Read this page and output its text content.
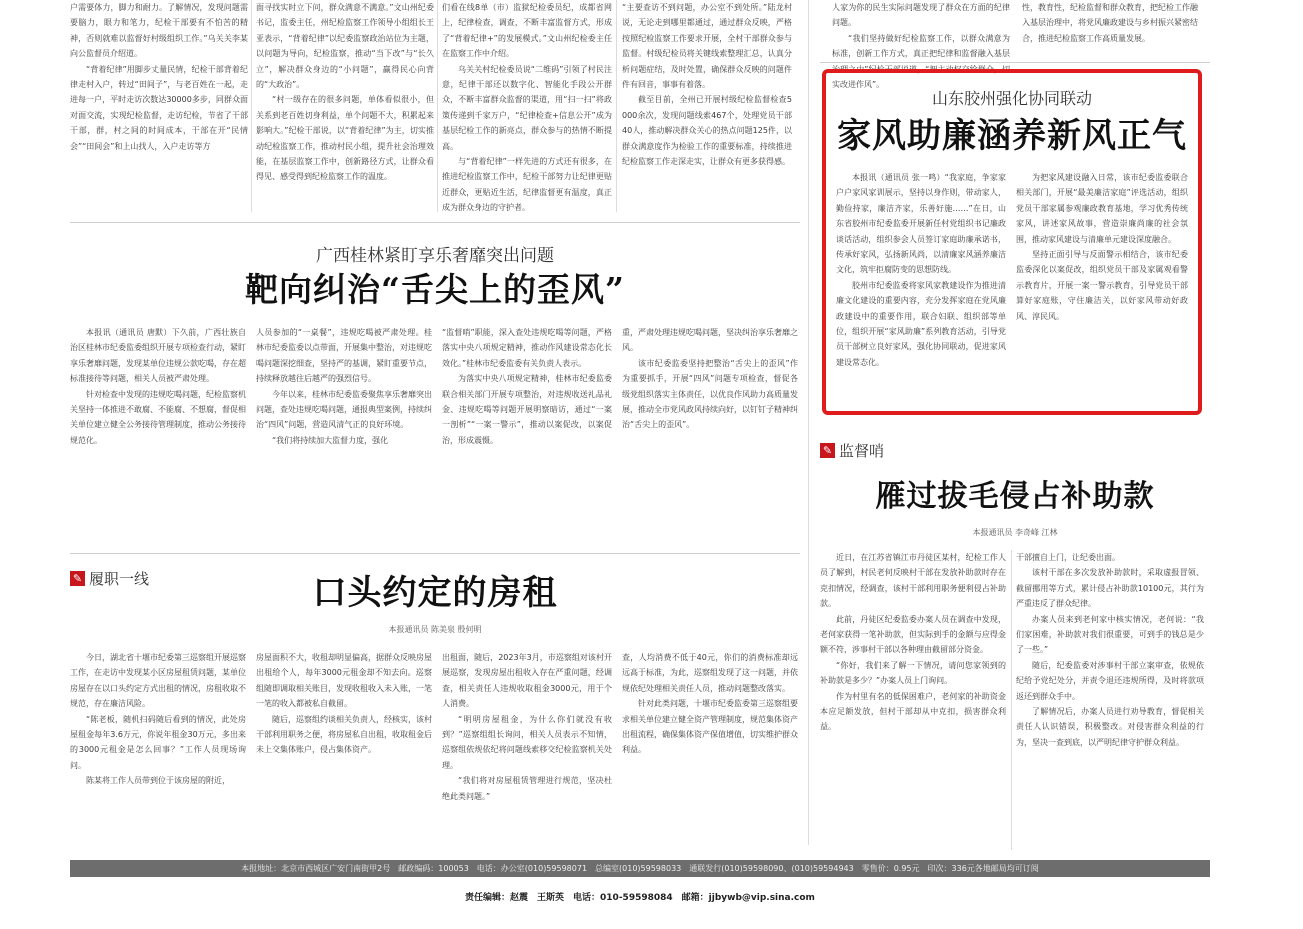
户需要体力，脚力和耐力。了解情况，发现问题需要脑力，眼力和笔力，纪检干部要有不怕苦的精神，否则就难以监督好村级组织工作。”乌关关李某向公监督员介绍道。

“背着纪律”用脚步丈量民情，纪检干部背着纪律走村入户，转过“田间子”，与老百姓在一起，走进每一户，平时走访次数达30000多步，同群众面对面交流，实现纪检监督，走访纪检，节省了干部干部，群，村之间的时间成本，干部在开“民情会”“田间会”和上山找人，入户走访等方

面寻找实时立下问，群众满意不满意。”文山州纪委书记，监委主任，州纪检监察工作领导小组组长王亚表示，“背着纪律”以纪委监察政治站位为主题，以问题为导向，纪检监察，推动“当下改”与“长久立”，解决群众身边的“小问题”，赢得民心向背的“大政治”。

“村一级存在的很多问题，单体看似很小，但关系到老百姓切身利益，单个问题不大，积累起来影响大。”纪检干部说，以“背着纪律”为主，切实推动纪检监察工作，推动村民小组，提升社会治理效能，在基层监察工作中，创新路径方式，让群众看得见、感受得到纪检监察工作的温度。

们看在线8单（市）监狱纪检委员纪，成都省网上，纪律检查，调查，不断丰富监督方式，形成了“背着纪律+”的发展模式。”文山州纪检委主任在监察工作中介绍。

乌关关村纪检委员说“二维码”引领了村民注意，纪律干部还以数字化、智能化手段公开群众，不断丰富群众监督的渠道，用“扫一扫”将政策传递到千家万户，“纪律检查+信息公开”成为基层纪检工作的新亮点，群众参与的热情不断提高。

与“背着纪律”一样先进的方式还有很多，在推进纪检监察工作中，纪检干部努力让纪律更贴近群众，更贴近生活，纪律监督更有温度，真正成为群众身边的守护者。

“主要查访不到问题，办公室不到处所。”陆龙村说，无论走到哪里都通过，通过群众反映，严格按照纪检监察工作要求开展，全村干部群众参与监督。村级纪检员将关键线索整理汇总，认真分析问题症结，及时处置，确保群众反映的问题件件有回音，事事有着落。

截至目前，全州已开展村级纪检监督检查5000余次，发现问题线索467个，处理党员干部40人，推动解决群众关心的热点问题125件，以群众满意度作为检验工作的重要标准，持续推进纪检监察工作走深走实，让群众有更多获得感。

人家为你的民生实际问题发现了群众在方面的纪律问题。

“我们坚持做好纪检监察工作，以群众满意为标准，创新工作方式，真正把纪律和监督融入基层治理之中”纪检干部说道，“把主动权交给群众，切实改进作风”。

性，教育性，纪检监督和群众教育，把纪检工作融入基层治理中，将党风廉政建设与乡村振兴紧密结合，推进纪检监察工作高质量发展。

山东胶州强化协同联动
家风助廉涵养新风正气

本报讯（通讯员 张一鸣）“我家庭，争家家户户家风家训展示，坚持以身作则，带动家人，勤俭持家，廉洁齐家，乐善好施……”在日，山东省胶州市纪委监委开展新任村党组织书记廉政谈话活动，组织参会人员签订家庭助廉承诺书，传承好家风，弘扬新风尚，以清廉家风涵养廉洁文化，筑牢拒腐防变的思想防线。

胶州市纪委监委将家风家教建设作为推进清廉文化建设的重要内容，充分发挥家庭在党风廉政建设中的重要作用，联合妇联、组织部等单位，组织开展“家风助廉”系列教育活动，引导党员干部树立良好家风，强化协同联动，促进家风建设常态化。

为把家风建设融入日常，该市纪委监委联合相关部门，开展“最美廉洁家庭”评选活动，组织党员干部家属参观廉政教育基地，学习优秀传统家风，讲述家风故事，营造崇廉尚廉的社会氛围，推动家风建设与清廉单元建设深度融合。

坚持正面引导与反面警示相结合，该市纪委监委深化以案促改，组织党员干部及家属观看警示教育片，开展一案一警示教育，引导党员干部算好家庭账，守住廉洁关，以好家风带动好政风、淳民风。

广西桂林紧盯享乐奢靡突出问题
靶向纠治“舌尖上的歪风”

本报讯（通讯员 唐默）下久前，广西壮族自治区桂林市纪委监委组织开展专项检查行动，紧盯享乐奢靡问题，发现某单位违规公款吃喝，存在超标准接待等问题，相关人员被严肃处理。

针对检查中发现的违规吃喝问题，纪检监察机关坚持一体推进不敢腐、不能腐、不想腐，督促相关单位建立健全公务接待管理制度，推动公务接待规范化。

人员参加的“一桌餐”，违规吃喝被严肃处理。桂林市纪委监委以点带面，开展集中整治，对违规吃喝问题深挖细查，坚持严的基调，紧盯重要节点，持续释放越往后越严的强烈信号。

今年以来，桂林市纪委监委聚焦享乐奢靡突出问题，查处违规吃喝问题，通报典型案例，持续纠治“四风”问题，营造风清气正的良好环境。

“我们将持续加大监督力度，强化

“监督哨”职能，深入查处违规吃喝等问题，严格落实中央八项规定精神，推动作风建设常态化长效化。”桂林市纪委监委有关负责人表示。

为落实中央八项规定精神，桂林市纪委监委联合相关部门开展专项整治，对违规收送礼品礼金、违规吃喝等问题开展明察暗访，通过“一案一剖析”“一案一警示”，推动以案促改，以案促治，形成震慑。

重，严肃处理违规吃喝问题，坚决纠治享乐奢靡之风。

该市纪委监委坚持把整治“舌尖上的歪风”作为重要抓手，开展“四风”问题专项检查，督促各级党组织落实主体责任，以优良作风助力高质量发展，推动全市党风政风持续向好，以钉钉子精神纠治“舌尖上的歪风”。

✎ 履职一线	口头约定的房租
本报通讯员 陈美泉 殷何明

今日，湖北省十堰市纪委第三巡察组开展巡察工作，在走访中发现某小区房屋租赁问题，某单位房屋存在以口头约定方式出租的情况，房租收取不规范，存在廉洁风险。

“陈老板，随机扫码随后看到的情况，此处房屋租金每年3.6万元，你说年租金30万元，多出来的3000元租金是怎么回事？”工作人员现场询问。

陈某将工作人员带到位于该房屋的附近，

房屋面积不大，收租却明显偏高，据群众反映房屋出租给个人，每年3000元租金却不知去向。巡察组随即调取相关账目，发现收租收入未入账，一笔一笔的收入都被私自截留。

随后，巡察组约谈相关负责人，经核实，该村干部利用职务之便，将房屋私自出租，收取租金后未上交集体账户，侵占集体资产。

出租面，随后，2023年3月，市巡察组对该村开展巡察，发现房屋出租收入存在严重问题，经调查，相关责任人违规收取租金3000元，用于个人消费。

“明明房屋租金，为什么你们就没有收到？”巡察组组长询问，相关人员表示不知情，巡察组依规依纪将问题线索移交纪检监察机关处理。

“我们将对房屋租赁管理进行规范，坚决杜绝此类问题。”

查，人均消费不低于40元，你们的消费标准却远远高于标准，为此，巡察组发现了这一问题，并依规依纪处理相关责任人员，推动问题整改落实。

针对此类问题，十堰市纪委监委第三巡察组要求相关单位建立健全资产管理制度，规范集体资产出租流程，确保集体资产保值增值，切实维护群众利益。

✎ 监督哨
雁过拔毛侵占补助款
本报通讯员 李奇峰 江林

近日，在江苏省镇江市丹徒区某村，纪检工作人员了解到，村民老何反映村干部在发放补助款时存在克扣情况，经调查，该村干部利用职务便利侵占补助款。

此前，丹徒区纪委监委办案人员在调查中发现，老何家获得一笔补助款，但实际到手的金额与应得金额不符，涉事村干部以各种理由截留部分资金。

“你好，我们来了解一下情况，请问您家领到的补助款是多少？”办案人员上门询问。

作为村里有名的低保困难户，老何家的补助资金本应足额发放，但村干部却从中克扣，损害群众利益。

干部擅自上门，让纪委出面。

该村干部在多次发放补助款时，采取虚报冒领、截留挪用等方式，累计侵占补助款10100元，其行为严重违反了群众纪律。

办案人员来到老何家中核实情况，老何说：“我们家困难，补助款对我们很重要，可到手的钱总是少了一些。”

随后，纪委监委对涉事村干部立案审查，依规依纪给予党纪处分，并责令退还违规所得，及时将款项返还到群众手中。

了解情况后，办案人员进行劝导教育，督促相关责任人认识错误，积极整改。对侵害群众利益的行为，坚决一查到底，以严明纪律守护群众利益。

本报地址：北京市西城区广安门南街甲2号　邮政编码：100053　电话：办公室(010)59598071　总编室(010)59598033　通联发行(010)59598090、(010)59594943　零售价：0.95元　印次：336元各地邮局均可订阅
责任编辑：赵震　王斯英　电话：010-59598084　邮箱：jjbywb@vip.sina.com
